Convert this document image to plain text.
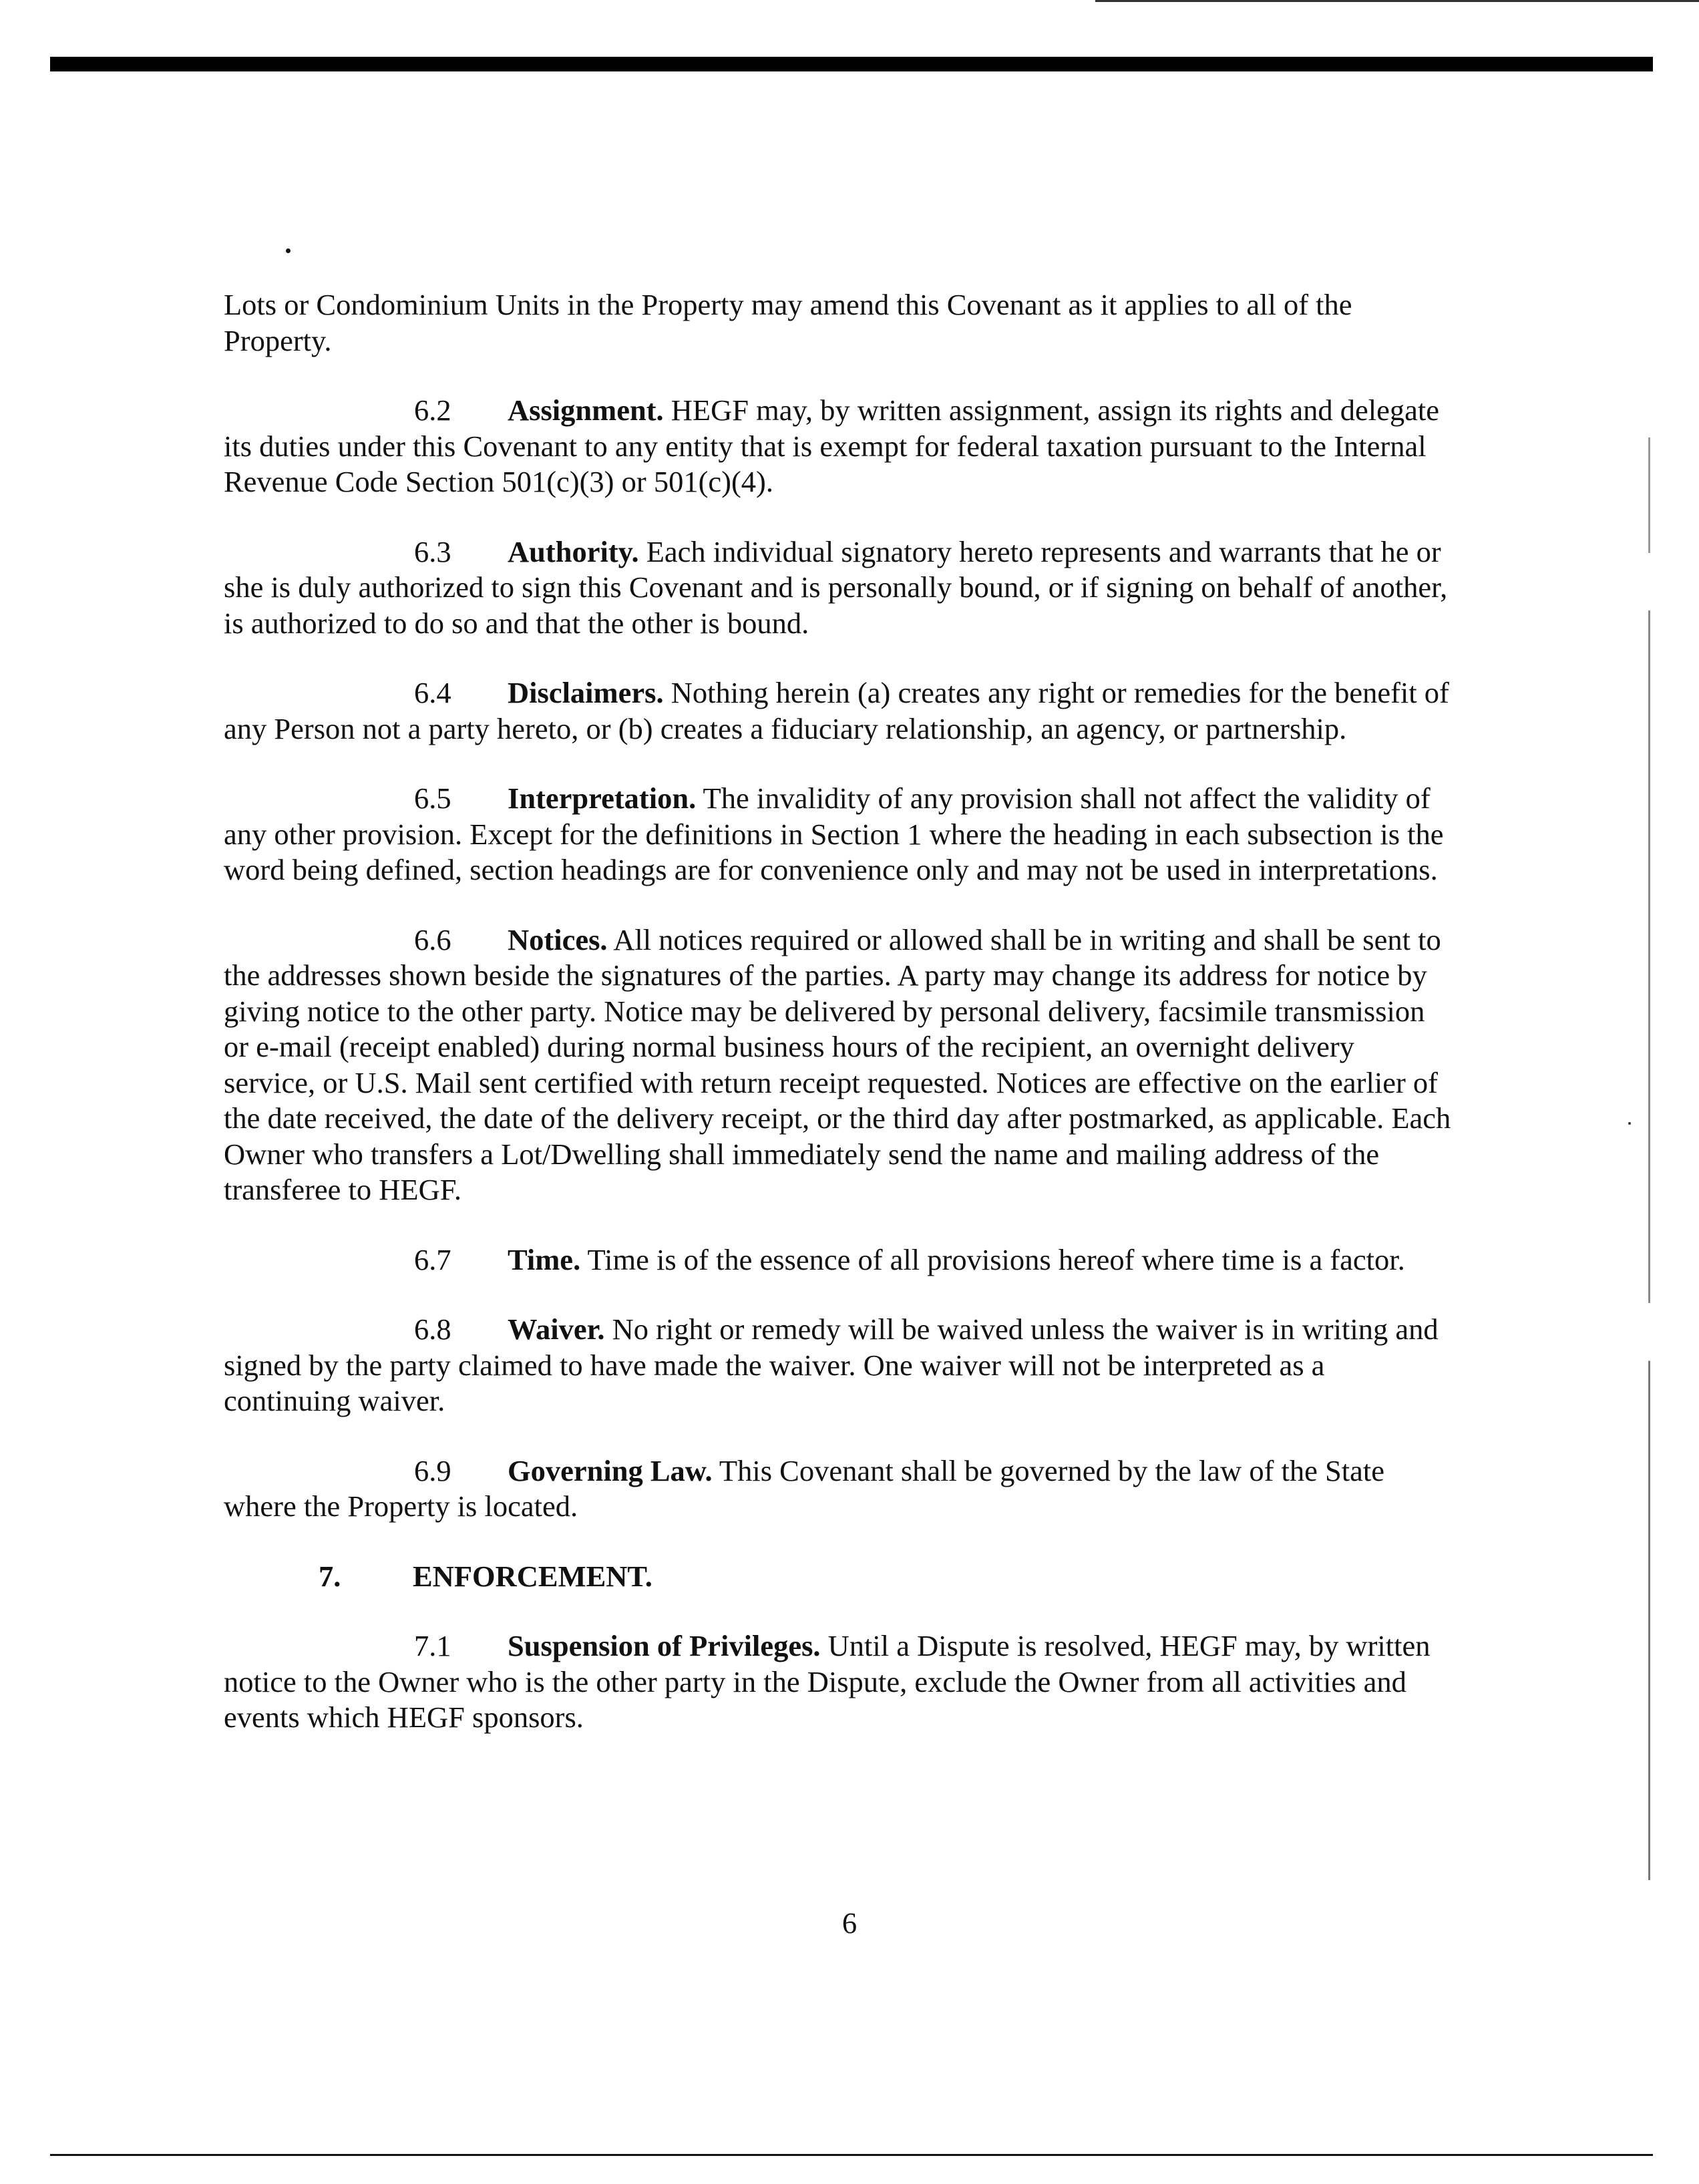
Lots or Condominium Units in the Property may amend this Covenant as it applies to all of the Property.

6.2 Assignment. HEGF may, by written assignment, assign its rights and delegate its duties under this Covenant to any entity that is exempt for federal taxation pursuant to the Internal Revenue Code Section 501(c)(3) or 501(c)(4).

6.3 Authority. Each individual signatory hereto represents and warrants that he or she is duly authorized to sign this Covenant and is personally bound, or if signing on behalf of another, is authorized to do so and that the other is bound.

6.4 Disclaimers. Nothing herein (a) creates any right or remedies for the benefit of any Person not a party hereto, or (b) creates a fiduciary relationship, an agency, or partnership.

6.5 Interpretation. The invalidity of any provision shall not affect the validity of any other provision. Except for the definitions in Section 1 where the heading in each subsection is the word being defined, section headings are for convenience only and may not be used in interpretations.

6.6 Notices. All notices required or allowed shall be in writing and shall be sent to the addresses shown beside the signatures of the parties. A party may change its address for notice by giving notice to the other party. Notice may be delivered by personal delivery, facsimile transmission or e-mail (receipt enabled) during normal business hours of the recipient, an overnight delivery service, or U.S. Mail sent certified with return receipt requested. Notices are effective on the earlier of the date received, the date of the delivery receipt, or the third day after postmarked, as applicable. Each Owner who transfers a Lot/Dwelling shall immediately send the name and mailing address of the transferee to HEGF.

6.7 Time. Time is of the essence of all provisions hereof where time is a factor.

6.8 Waiver. No right or remedy will be waived unless the waiver is in writing and signed by the party claimed to have made the waiver. One waiver will not be interpreted as a continuing waiver.

6.9 Governing Law. This Covenant shall be governed by the law of the State where the Property is located.

7. ENFORCEMENT.

7.1 Suspension of Privileges. Until a Dispute is resolved, HEGF may, by written notice to the Owner who is the other party in the Dispute, exclude the Owner from all activities and events which HEGF sponsors.

6
